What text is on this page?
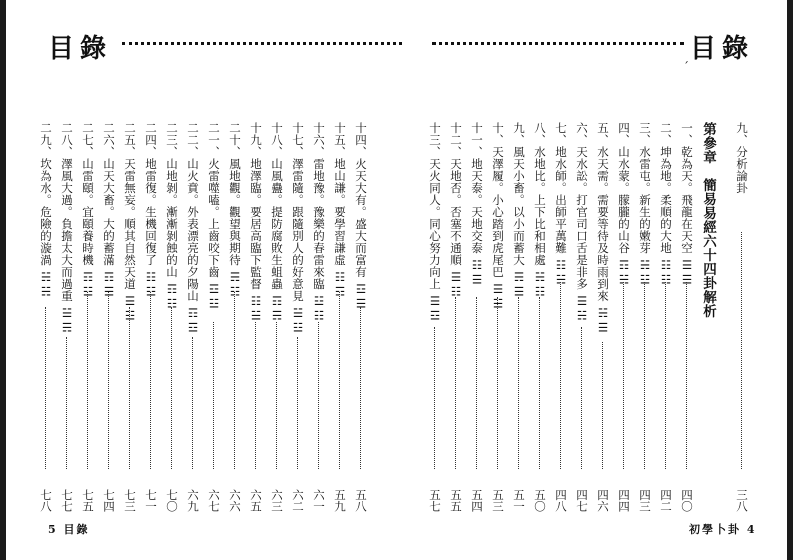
目錄	目錄
ˊ
十四、火天大有。盛大而富有 ☲☰
五八
十五、地山謙。要學習謙虛 ☷☶
五九
十六、雷地豫。豫樂的春雷來臨 ☳☷
六一
十七、澤雷隨。跟隨別人的好意見 ☱☳
六二
十八、山風蠱。提防腐敗生蛆蟲 ☶☴
六三
十九、地澤臨。要居高臨下監督 ☷☱
六五
二十、風地觀。觀望與期待 ☴☷
六六
二一、火雷噬嗑。上齒咬下齒 ☲☳
六七
二二、山火賁。外表漂亮的夕陽山 ☶☲
六九
二三、山地剝。漸漸剝蝕的山 ☶☷
七〇
二四、地雷復。生機回復了 ☷☳
七一
二五、天雷無妄。順其自然天道 ☰☳
七三
二六、山天大畜。大的蓄滿 ☶☰
七四
二七、山雷頤。宜頤養時機 ☶☳
七五
二八、澤風大過。負擔太大而過重 ☱☴
七七
二九、坎為水。危險的漩渦 ☵☵
七八
九、分析論卦
三八
第參章　簡易易經六十四卦解析
一、乾為天。飛龍在天空 ☰☰
四〇
二、坤為地。柔順的大地 ☷☷
四二
三、水雷屯。新生的嫩芽 ☵☳
四三
四、山水蒙。朦朧的山谷 ☶☵
四四
五、水天需。需要等待及時雨到來 ☵☰
四六
六、天水訟。打官司口舌是非多 ☰☵
四七
七、地水師。出師平萬難 ☷☵
四八
八、水地比。上下比和相處 ☵☷
五〇
九、風天小畜。以小而蓄大 ☴☰
五一
十、天澤履。小心踏到虎尾巴 ☰☱
五三
十一、地天泰。天地交泰 ☷☰
五四
十二、天地否。否塞不通順 ☰☷
五五
十三、天火同人。同心努力向上 ☰☲
五七
5 目錄	初學卜卦 4
